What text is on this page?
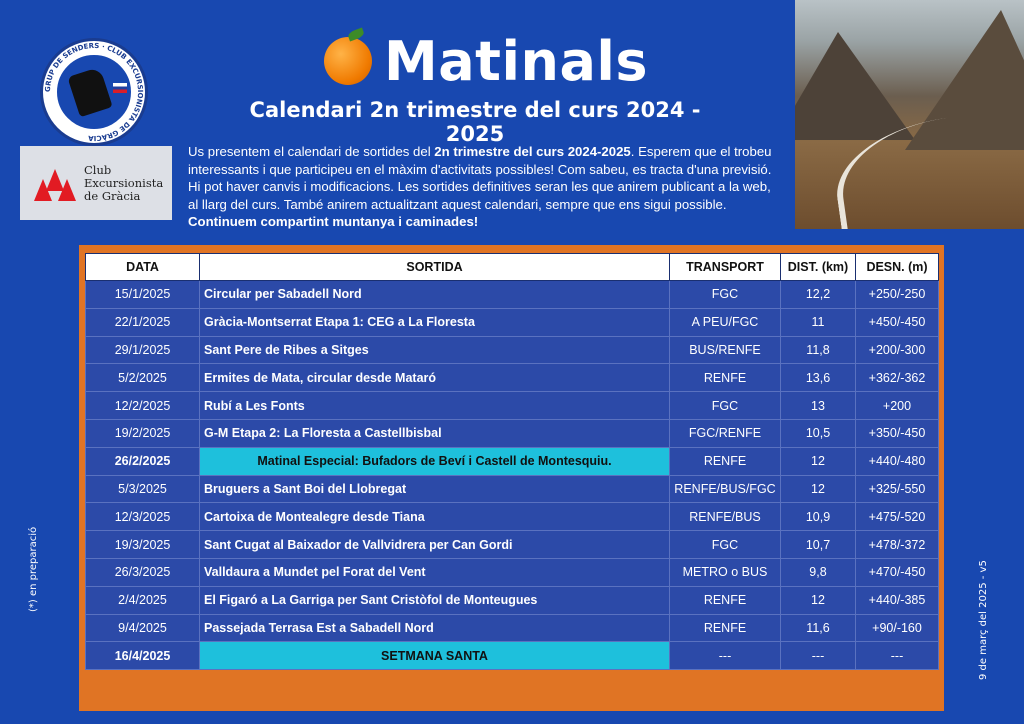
GRUP DE SENDERS · CLUB EXCURSIONISTA DE GRÀCIA
Club
Excursionista
de Gràcia
Matinals
Calendari 2n trimestre del curs 2024 - 2025
Us presentem el calendari de sortides del 2n trimestre del curs 2024-2025. Esperem que el trobeu interessants i que participeu en el màxim d'activitats possibles! Com sabeu, es tracta d'una previsió. Hi pot haver canvis i modificacions. Les sortides definitives seran les que anirem publicant a la web, al llarg del curs. També anirem actualitzant aquest calendari, sempre que ens sigui possible. Continuem compartint muntanya i caminades!
DATA	SORTIDA	TRANSPORT	DIST. (km)	DESN. (m)
15/1/2025	Circular per Sabadell Nord	FGC	12,2	+250/-250
22/1/2025	Gràcia-Montserrat Etapa 1: CEG a La Floresta	A PEU/FGC	11	+450/-450
29/1/2025	Sant Pere de Ribes a Sitges	BUS/RENFE	11,8	+200/-300
5/2/2025	Ermites de Mata, circular desde Mataró	RENFE	13,6	+362/-362
12/2/2025	Rubí a Les Fonts	FGC	13	+200
19/2/2025	G-M Etapa 2: La Floresta a Castellbisbal	FGC/RENFE	10,5	+350/-450
26/2/2025	Matinal Especial: Bufadors de Beví i Castell de Montesquiu.	RENFE	12	+440/-480
5/3/2025	Bruguers a Sant Boi del Llobregat	RENFE/BUS/FGC	12	+325/-550
12/3/2025	Cartoixa de Montealegre desde Tiana	RENFE/BUS	10,9	+475/-520
19/3/2025	Sant Cugat al Baixador de Vallvidrera per Can Gordi	FGC	10,7	+478/-372
26/3/2025	Valldaura a Mundet pel Forat del Vent	METRO o BUS	9,8	+470/-450
2/4/2025	El Figaró a La Garriga per Sant Cristòfol de Monteugues	RENFE	12	+440/-385
9/4/2025	Passejada Terrasa Est a Sabadell Nord	RENFE	11,6	+90/-160
16/4/2025	SETMANA SANTA	---	---	---
(*) en preparació	9 de març del 2025 - v5
